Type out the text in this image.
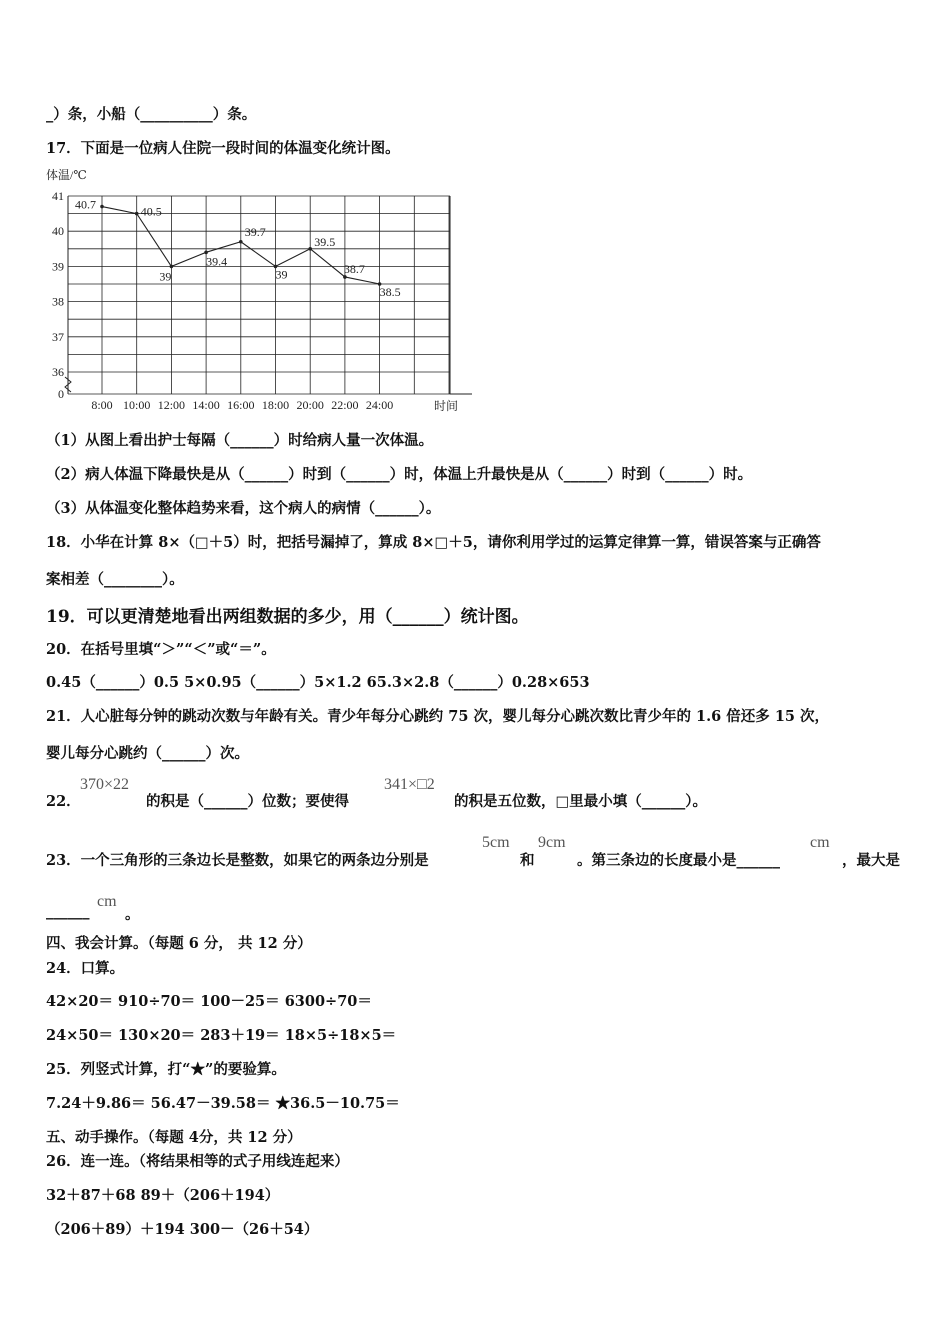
_）条，小船（__________）条。
17．下面是一位病人住院一段时间的体温变化统计图。
体温/℃
时间
0
36
37
38
39
40
41
8:00 10:00 12:00 14:00 16:00 18:00 20:00 22:00 24:00
40.7
40.5
39
39.4
39.7
39
39.5
38.7
38.5
（1）从图上看出护士每隔（______）时给病人量一次体温。
（2）病人体温下降最快是从（______）时到（______）时，体温上升最快是从（______）时到（______）时。
（3）从体温变化整体趋势来看，这个病人的病情（______）。
18．小华在计算 8×（□＋5）时，把括号漏掉了，算成 8×□＋5，请你利用学过的运算定律算一算，错误答案与正确答
案相差（________）。
19．可以更清楚地看出两组数据的多少，用（______）统计图。
20．在括号里填“＞”“＜”或“＝”。
0.45（______）0.5 5×0.95（______）5×1.2 65.3×2.8（______）0.28×653
21．人心脏每分钟的跳动次数与年龄有关。青少年每分心跳约 75 次，婴儿每分心跳次数比青少年的 1.6 倍还多 15 次，
婴儿每分心跳约（______）次。
22．
370×22
的积是（______）位数；要使得
341×□2
的积是五位数，□里最小填（______）。
23．一个三角形的三条边长是整数，如果它的两条边分别是
5cm
和
9cm
。第三条边的长度最小是______
cm
，最大是
______
cm
。
四、我会计算。（每题 6 分， 共 12 分）
24．口算。
42×20＝ 910÷70＝ 100－25＝ 6300÷70＝
24×50＝ 130×20＝ 283＋19＝ 18×5÷18×5＝
25．列竖式计算，打“★”的要验算。
7.24＋9.86＝ 56.47－39.58＝ ★36.5－10.75＝
五、动手操作。（每题 4分，共 12 分）
26．连一连。（将结果相等的式子用线连起来）
32＋87＋68 89＋（206＋194）
（206＋89）＋194 300－（26＋54）
